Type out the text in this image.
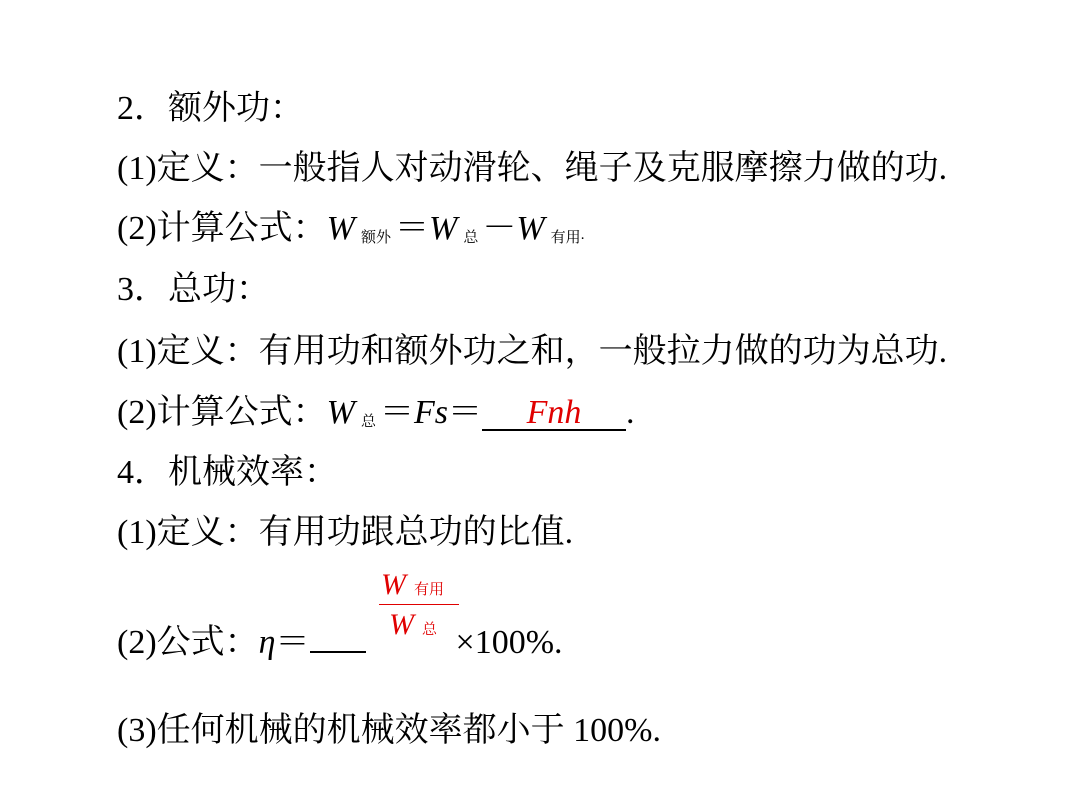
2．额外功：
(1)定义：一般指人对动滑轮、绳子及克服摩擦力做的功.
(2)计算公式：W $_{额外}$ ＝W $_总$ －W 有用.
3．总功：
(1)定义：有用功和额外功之和，一般拉力做的功为总功.
(2)计算公式：W $_总$ ＝Fs＝ Fnh .
4．机械效率：
(1)定义：有用功跟总功的比值.
W有用
W总
(2)公式：η＝	×100%.
(3)任何机械的机械效率都小于 100%.
